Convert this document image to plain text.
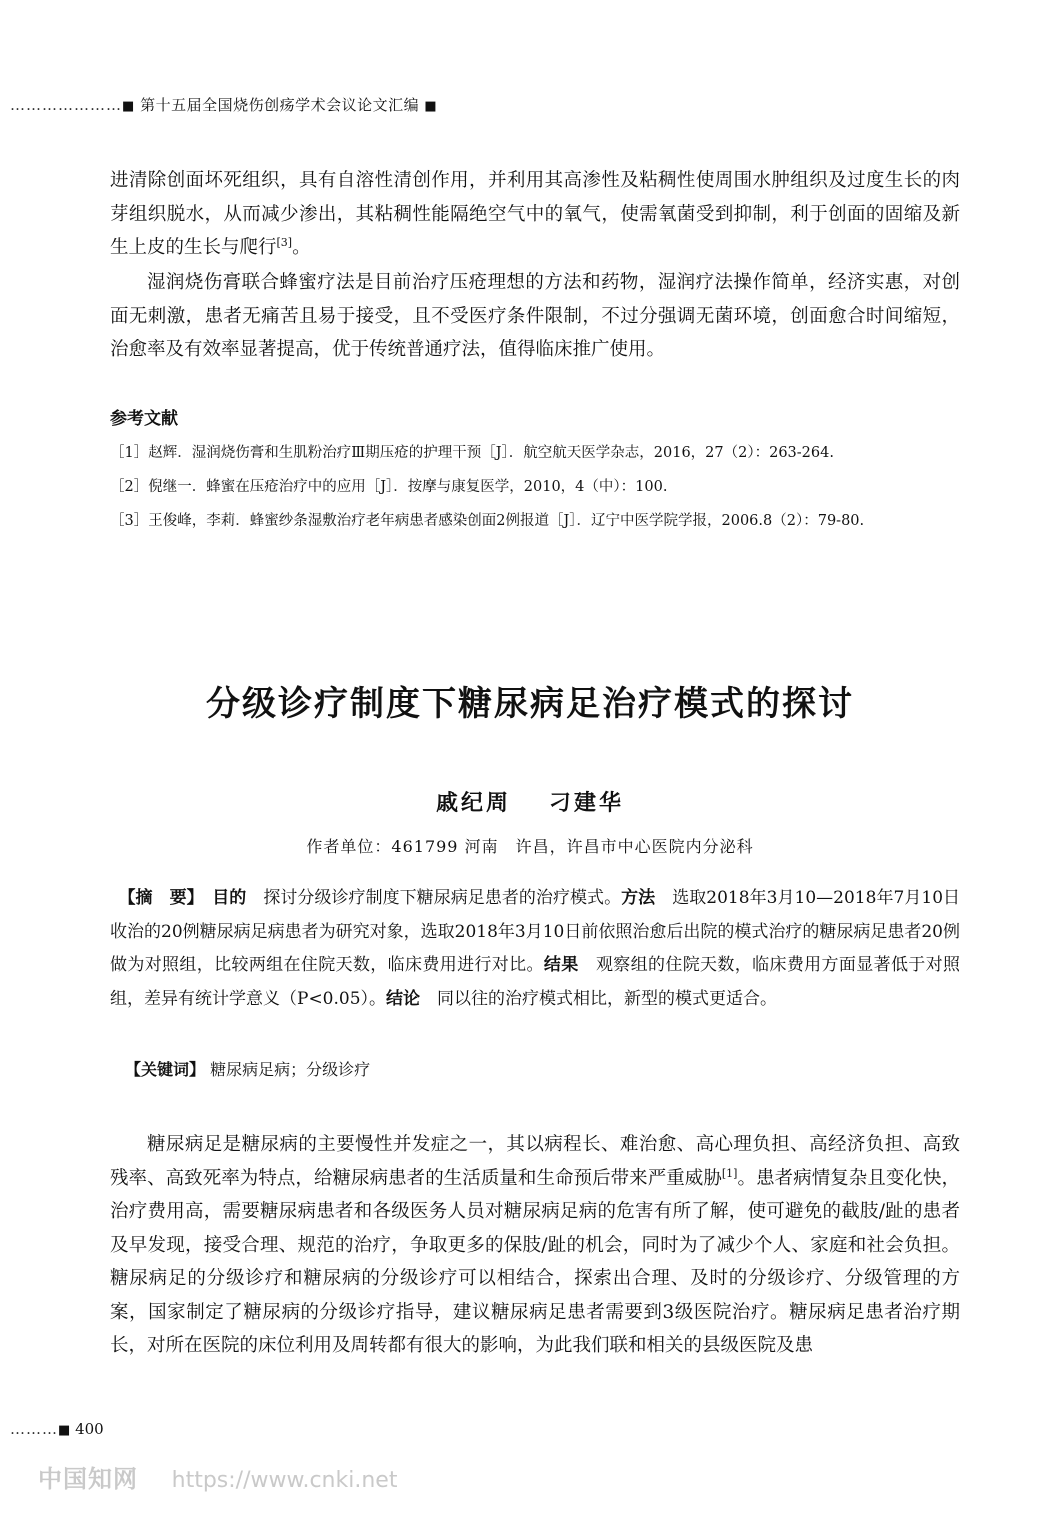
…………………■ 第十五届全国烧伤创疡学术会议论文汇编 ■

进清除创面坏死组织，具有自溶性清创作用，并利用其高渗性及粘稠性使周围水肿组织及过度生长的肉芽组织脱水，从而减少渗出，其粘稠性能隔绝空气中的氧气，使需氧菌受到抑制，利于创面的固缩及新生上皮的生长与爬行[3]。

湿润烧伤膏联合蜂蜜疗法是目前治疗压疮理想的方法和药物，湿润疗法操作简单，经济实惠，对创面无刺激，患者无痛苦且易于接受，且不受医疗条件限制，不过分强调无菌环境，创面愈合时间缩短，治愈率及有效率显著提高，优于传统普通疗法，值得临床推广使用。

参考文献
［1］赵辉．湿润烧伤膏和生肌粉治疗Ⅲ期压疮的护理干预［J］．航空航天医学杂志，2016，27（2）：263-264.
［2］倪继一．蜂蜜在压疮治疗中的应用［J］．按摩与康复医学，2010，4（中）：100.
［3］王俊峰，李莉．蜂蜜纱条湿敷治疗老年病患者感染创面2例报道［J］．辽宁中医学院学报，2006.8（2）：79-80.
分级诊疗制度下糖尿病足治疗模式的探讨
戚纪周 刁建华
作者单位：461799 河南　许昌，许昌市中心医院内分泌科

【摘　要】　 目的　 探讨分级诊疗制度下糖尿病足患者的治疗模式。方法　 选取2018年3月10—2018年7月10日收治的20例糖尿病足病患者为研究对象，选取2018年3月10日前依照治愈后出院的模式治疗的糖尿病足患者20例做为对照组，比较两组在住院天数，临床费用进行对比。结果　 观察组的住院天数，临床费用方面显著低于对照组，差异有统计学意义（P<0.05）。结论　 同以往的治疗模式相比，新型的模式更适合。

【关键词】 糖尿病足病；分级诊疗

糖尿病足是糖尿病的主要慢性并发症之一，其以病程长、难治愈、高心理负担、高经济负担、高致残率、高致死率为特点，给糖尿病患者的生活质量和生命预后带来严重威胁[1]。患者病情复杂且变化快，治疗费用高，需要糖尿病患者和各级医务人员对糖尿病足病的危害有所了解，使可避免的截肢/趾的患者及早发现，接受合理、规范的治疗，争取更多的保肢/趾的机会，同时为了减少个人、家庭和社会负担。糖尿病足的分级诊疗和糖尿病的分级诊疗可以相结合，探索出合理、及时的分级诊疗、分级管理的方案，国家制定了糖尿病的分级诊疗指导，建议糖尿病足患者需要到3级医院治疗。糖尿病足患者治疗期长，对所在医院的床位利用及周转都有很大的影响，为此我们联和相关的县级医院及患

………■ 400
中国知网 https://www.cnki.net
